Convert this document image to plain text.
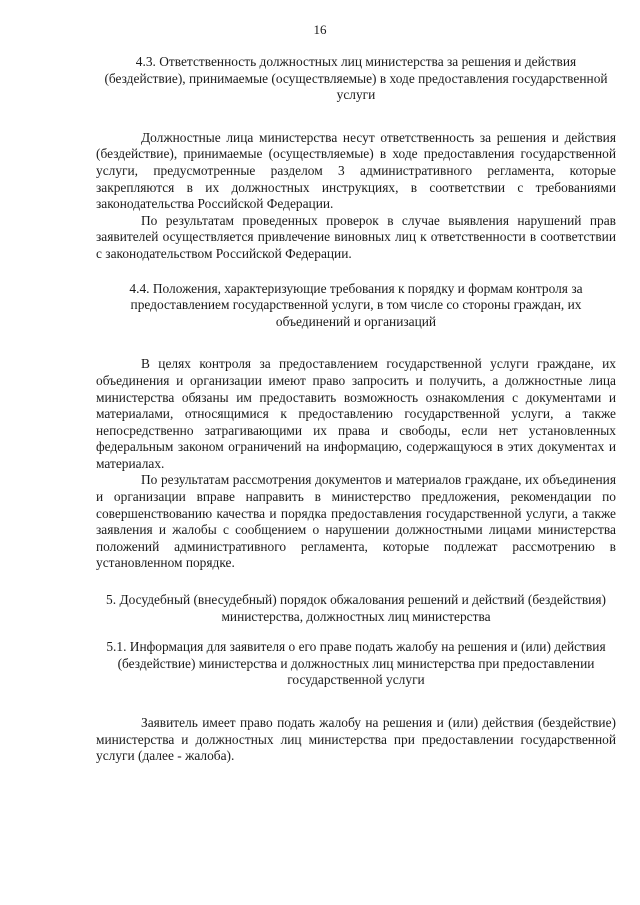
16

4.3. Ответственность должностных лиц министерства за решения и действия (бездействие), принимаемые (осуществляемые) в ходе предоставления государственной услуги

Должностные лица министерства несут ответственность за решения и действия (бездействие), принимаемые (осуществляемые) в ходе предоставления государственной услуги, предусмотренные разделом 3 административного регламента, которые закрепляются в их должностных инструкциях, в соответствии с требованиями законодательства Российской Федерации.

По результатам проведенных проверок в случае выявления нарушений прав заявителей осуществляется привлечение виновных лиц к ответственности в соответствии с законодательством Российской Федерации.

4.4. Положения, характеризующие требования к порядку и формам контроля за предоставлением государственной услуги, в том числе со стороны граждан, их объединений и организаций

В целях контроля за предоставлением государственной услуги граждане, их объединения и организации имеют право запросить и получить, а должностные лица министерства обязаны им предоставить возможность ознакомления с документами и материалами, относящимися к предоставлению государственной услуги, а также непосредственно затрагивающими их права и свободы, если нет установленных федеральным законом ограничений на информацию, содержащуюся в этих документах и материалах.

По результатам рассмотрения документов и материалов граждане, их объединения и организации вправе направить в министерство предложения, рекомендации по совершенствованию качества и порядка предоставления государственной услуги, а также заявления и жалобы с сообщением о нарушении должностными лицами министерства положений административного регламента, которые подлежат рассмотрению в установленном порядке.

5. Досудебный (внесудебный) порядок обжалования решений и действий (бездействия) министерства, должностных лиц министерства

5.1. Информация для заявителя о его праве подать жалобу на решения и (или) действия (бездействие) министерства и должностных лиц министерства при предоставлении государственной услуги

Заявитель имеет право подать жалобу на решения и (или) действия (бездействие) министерства и должностных лиц министерства при предоставлении государственной услуги (далее - жалоба).
